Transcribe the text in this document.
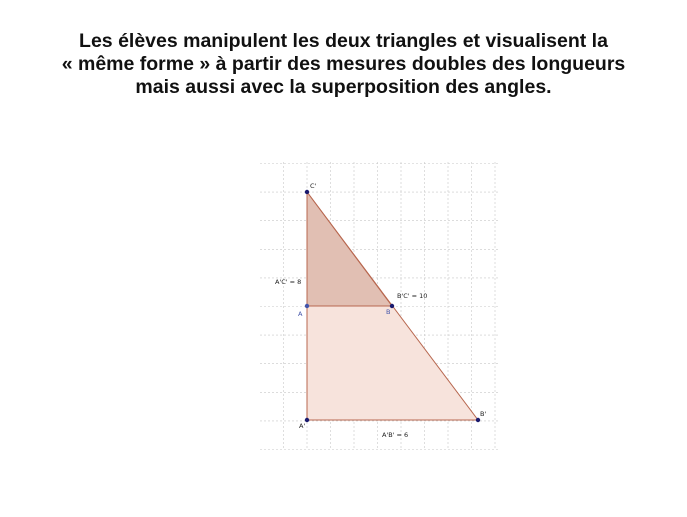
Les élèves manipulent les deux triangles et visualisent la
« même forme » à partir des mesures doubles des longueurs
mais aussi avec la superposition des angles.
C'
A	B
A'
B'
A'C' = 8
B'C' = 10
A'B' = 6
